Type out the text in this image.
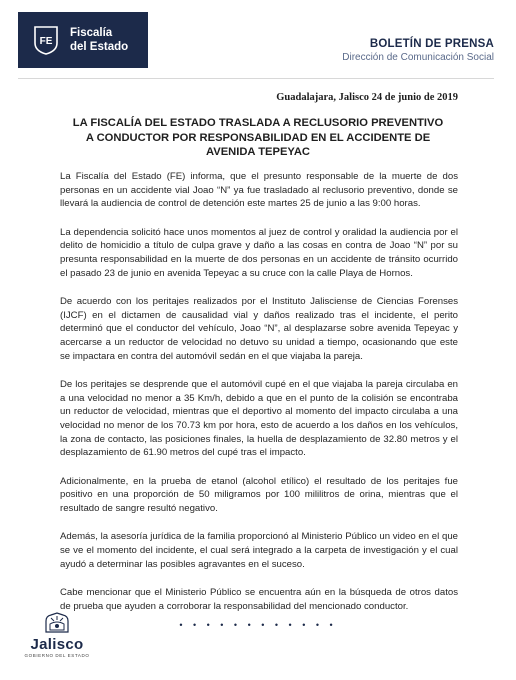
FE
Fiscalía
del Estado	BOLETÍN DE PRENSA
Dirección de Comunicación Social
Guadalajara, Jalisco 24 de junio de 2019
LA FISCALÍA DEL ESTADO TRASLADA A RECLUSORIO PREVENTIVO A CONDUCTOR POR RESPONSABILIDAD EN EL ACCIDENTE DE AVENIDA TEPEYAC

La Fiscalía del Estado (FE) informa, que el presunto responsable de la muerte de dos personas en un accidente vial Joao “N” ya fue trasladado al reclusorio preventivo, donde se llevará la audiencia de control de detención este martes 25 de junio a las 9:00 horas.

La dependencia solicitó hace unos momentos al juez de control y oralidad la audiencia por el delito de homicidio a título de culpa grave y daño a las cosas en contra de Joao “N” por su presunta responsabilidad en la muerte de dos personas en un accidente de tránsito ocurrido el pasado 23 de junio en avenida Tepeyac a su cruce con la calle Playa de Hornos.

De acuerdo con los peritajes realizados por el Instituto Jalisciense de Ciencias Forenses (IJCF) en el dictamen de causalidad vial y daños realizado tras el incidente, el perito determinó que el conductor del vehículo, Joao “N”, al desplazarse sobre avenida Tepeyac y acercarse a un reductor de velocidad no detuvo su unidad a tiempo, ocasionando que este se impactara en contra del automóvil sedán en el que viajaba la pareja.

De los peritajes se desprende que el automóvil cupé en el que viajaba la pareja circulaba en a una velocidad no menor a 35 Km/h, debido a que en el punto de la colisión se encontraba un reductor de velocidad, mientras que el deportivo al momento del impacto circulaba a una velocidad no menor de los 70.73 km por hora, esto de acuerdo a los daños en los vehículos, la zona de contacto, las posiciones finales, la huella de desplazamiento de 32.80 metros y el desplazamiento de 61.90 metros del cupé tras el impacto.

Adicionalmente, en la prueba de etanol (alcohol etílico) el resultado de los peritajes fue positivo en una proporción de 50 miligramos por 100 mililitros de orina, mientras que el resultado de sangre resultó negativo.

Además, la asesoría jurídica de la familia proporcionó al Ministerio Público un video en el que se ve el momento del incidente, el cual será integrado a la carpeta de investigación y el cual ayudó a determinar las posibles agravantes en el suceso.

Cabe mencionar que el Ministerio Público se encuentra aún en la búsqueda de otros datos de prueba que ayuden a corroborar la responsabilidad del mencionado conductor.

• • • • • • • • • • • •
Jalisco
GOBIERNO DEL ESTADO
